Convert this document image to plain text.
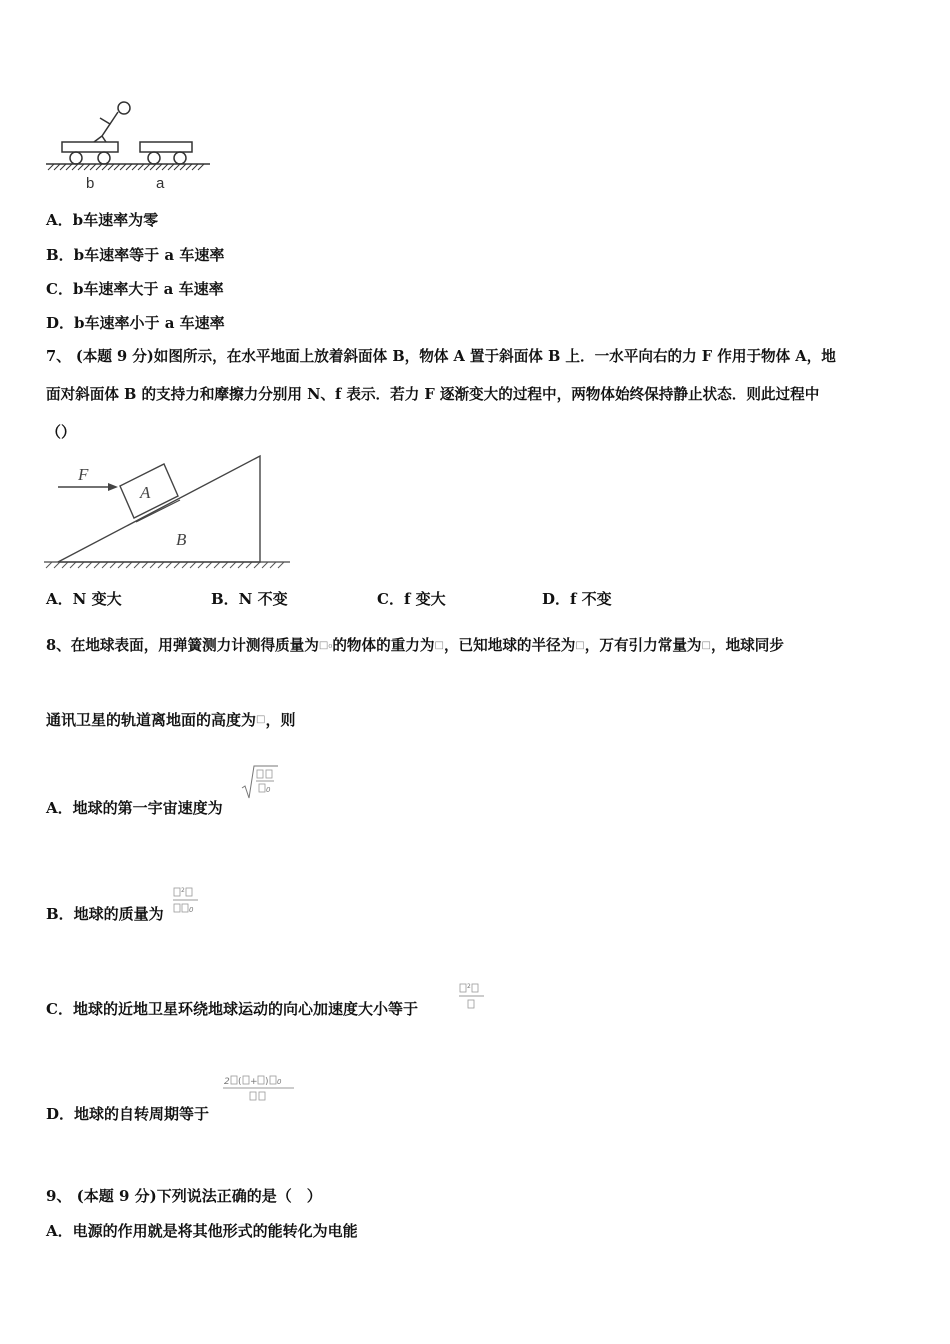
b	a
A．b车速率为零
B．b车速率等于 a 车速率
C．b车速率大于 a 车速率
D．b车速率小于 a 车速率
7、 (本题 9 分)如图所示，在水平地面上放着斜面体 B，物体 A 置于斜面体 B 上．一水平向右的力 F 作用于物体 A，地
面对斜面体 B 的支持力和摩擦力分别用 N、f 表示．若力 F 逐渐变大的过程中，两物体始终保持静止状态．则此过程中
（）
F
A
B
A．N 变大	B．N 不变	C．f 变大	D．f 不变
8、在地球表面，用弹簧测力计测得质量为$^{□_0}$的物体的重力为□，已知地球的半径为□，万有引力常量为□，地球同步
通讯卫星的轨道离地面的高度为□，则
A．地球的第一宇宙速度为
0
B．地球的质量为
2
0
C．地球的近地卫星环绕地球运动的向心加速度大小等于
2
D．地球的自转周期等于
2 ( + ) 0
9、 (本题 9 分)下列说法正确的是（　）
A．电源的作用就是将其他形式的能转化为电能
